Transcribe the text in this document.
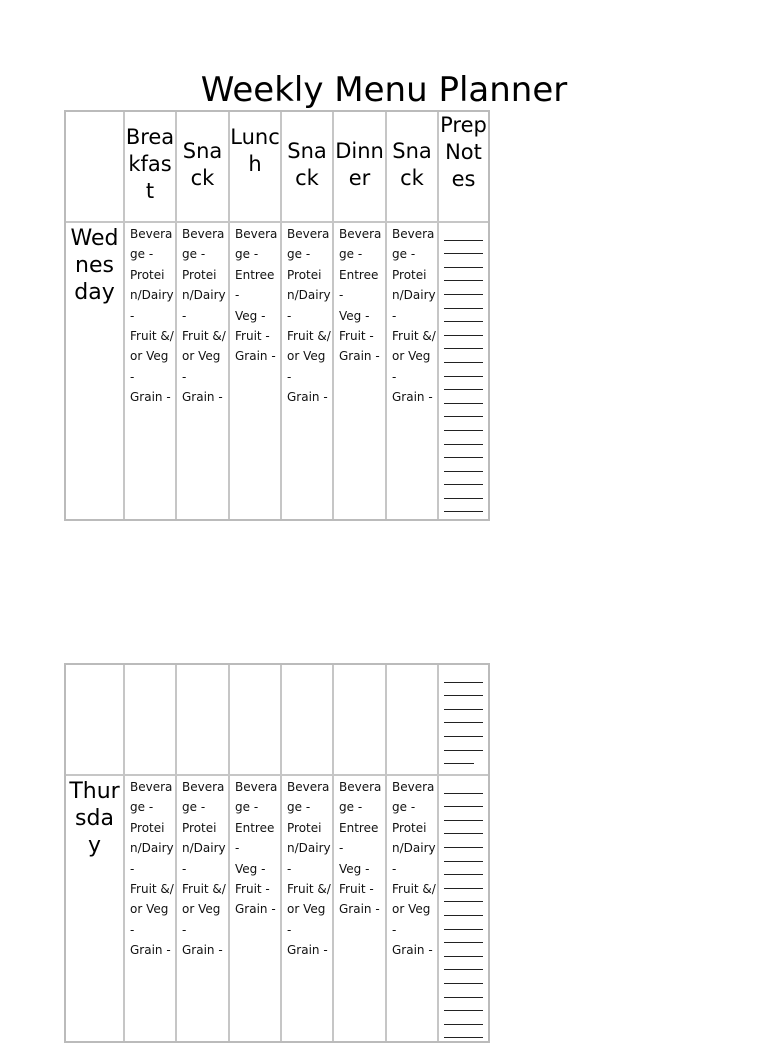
Weekly Menu Planner
Breakfast
Snack
Lunch
Snack
Dinner
Snack
Prep Notes
Wednesday
Beverage -
Protein/Dairy -
Fruit &/or Veg -
Grain -
Beverage -
Protein/Dairy -
Fruit &/or Veg -
Grain -
Beverage -
Entree -
Veg -
Fruit -
Grain -
Beverage -
Protein/Dairy -
Fruit &/or Veg -
Grain -
Beverage -
Entree -
Veg -
Fruit -
Grain -
Beverage -
Protein/Dairy -
Fruit &/or Veg -
Grain -
Thursday
Beverage -
Protein/Dairy -
Fruit &/or Veg -
Grain -
Beverage -
Protein/Dairy -
Fruit &/or Veg -
Grain -
Beverage -
Entree -
Veg -
Fruit -
Grain -
Beverage -
Protein/Dairy -
Fruit &/or Veg -
Grain -
Beverage -
Entree -
Veg -
Fruit -
Grain -
Beverage -
Protein/Dairy -
Fruit &/or Veg -
Grain -
